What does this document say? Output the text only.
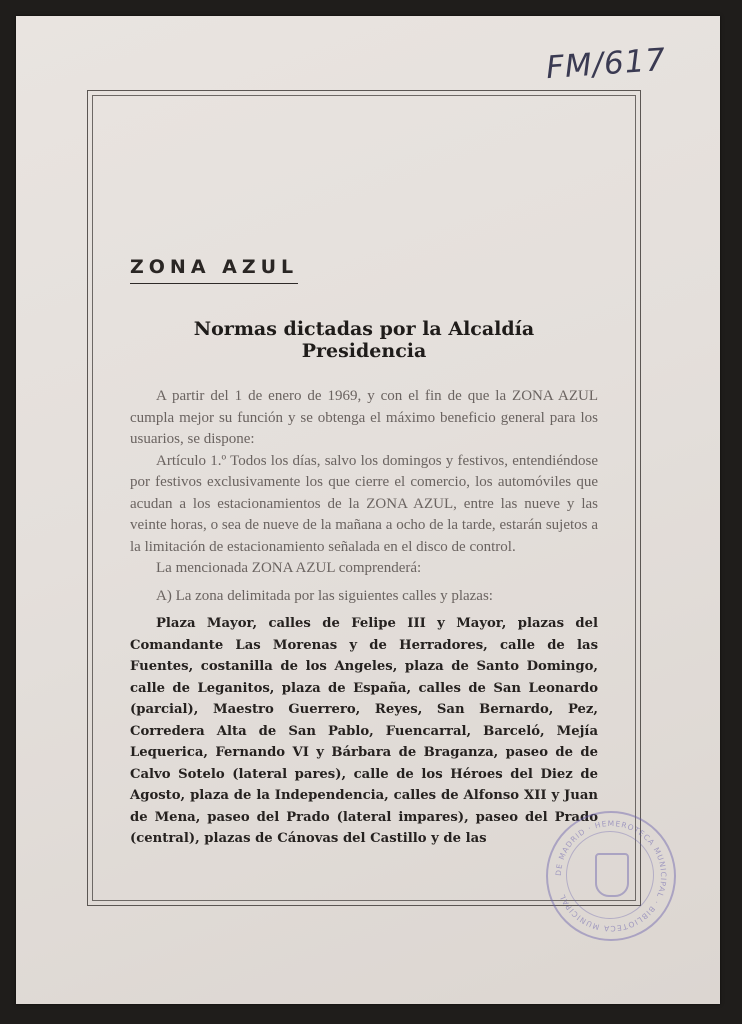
FM/617
ZONA AZUL
Normas dictadas por la Alcaldía Presidencia

A partir del 1 de enero de 1969, y con el fin de que la ZONA AZUL cumpla mejor su función y se obtenga el máximo beneficio general para los usuarios, se dispone:

Artículo 1.º Todos los días, salvo los domingos y festivos, entendiéndose por festivos exclusivamente los que cierre el comercio, los automóviles que acudan a los estacionamientos de la ZONA AZUL, entre las nueve y las veinte horas, o sea de nueve de la mañana a ocho de la tarde, estarán sujetos a la limitación de estacionamiento señalada en el disco de control.

La mencionada ZONA AZUL comprenderá:

A) La zona delimitada por las siguientes calles y plazas:

Plaza Mayor, calles de Felipe III y Mayor, plazas del Comandante Las Morenas y de Herradores, calle de las Fuentes, costanilla de los Angeles, plaza de Santo Domingo, calle de Leganitos, plaza de España, calles de San Leonardo (parcial), Maestro Guerrero, Reyes, San Bernardo, Pez, Corredera Alta de San Pablo, Fuencarral, Barceló, Mejía Lequerica, Fernando VI y Bárbara de Braganza, paseo de de Calvo Sotelo (lateral pares), calle de los Héroes del Diez de Agosto, plaza de la Independencia, calles de Alfonso XII y Juan de Mena, paseo del Prado (lateral impares), paseo del Prado (central), plazas de Cánovas del Castillo y de las
DE MADRID · HEMEROTECA MUNICIPAL · BIBLIOTECA MUNICIPAL
